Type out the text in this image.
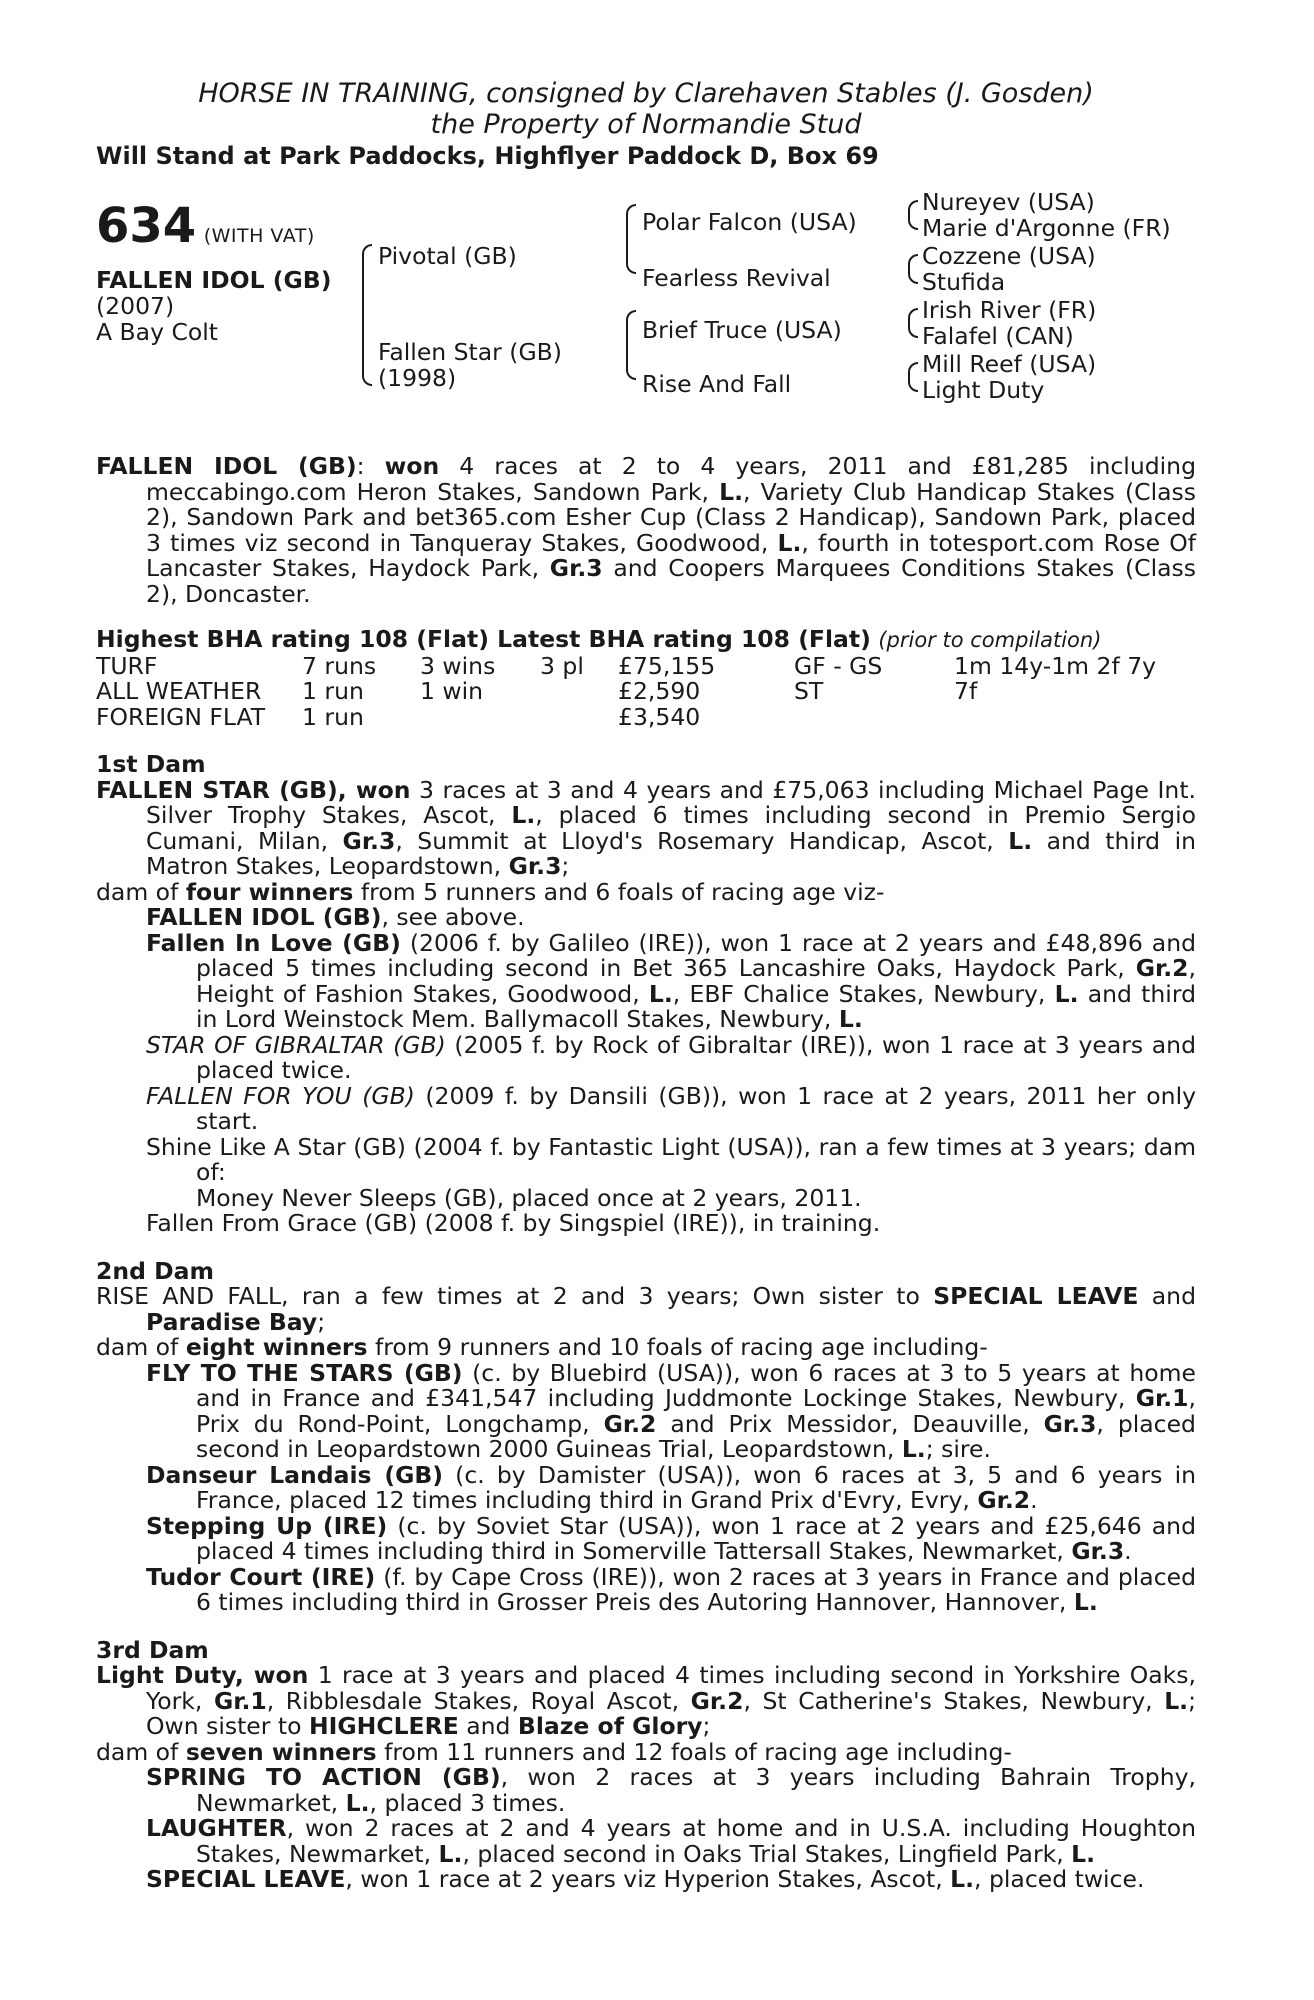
HORSE IN TRAINING, consigned by Clarehaven Stables (J. Gosden)
the Property of Normandie Stud
Will Stand at Park Paddocks, Highflyer Paddock D, Box 69
634 (WITH VAT)
FALLEN IDOL (GB)
(2007)
A Bay Colt
Pivotal (GB)
Fallen Star (GB)
(1998)
Polar Falcon (USA)
Fearless Revival
Brief Truce (USA)
Rise And Fall
Nureyev (USA)
Marie d'Argonne (FR)
Cozzene (USA)
Stufida
Irish River (FR)
Falafel (CAN)
Mill Reef (USA)
Light Duty
FALLEN IDOL (GB): won 4 races at 2 to 4 years, 2011 and £81,285 including meccabingo.com Heron Stakes, Sandown Park, L., Variety Club Handicap Stakes (Class 2), Sandown Park and bet365.com Esher Cup (Class 2 Handicap), Sandown Park, placed 3 times viz second in Tanqueray Stakes, Goodwood, L., fourth in totesport.com Rose Of Lancaster Stakes, Haydock Park, Gr.3 and Coopers Marquees Conditions Stakes (Class 2), Doncaster.
Highest BHA rating 108 (Flat) Latest BHA rating 108 (Flat) (prior to compilation)
TURF	7 runs	3 wins	3 pl	£75,155	GF - GS	1m 14y-1m 2f 7y
ALL WEATHER	1 run	1 win		£2,590	ST	7f
FOREIGN FLAT	1 run			£3,540		
1st Dam
FALLEN STAR (GB), won 3 races at 3 and 4 years and £75,063 including Michael Page Int. Silver Trophy Stakes, Ascot, L., placed 6 times including second in Premio Sergio Cumani, Milan, Gr.3, Summit at Lloyd's Rosemary Handicap, Ascot, L. and third in Matron Stakes, Leopardstown, Gr.3;
dam of four winners from 5 runners and 6 foals of racing age viz-
FALLEN IDOL (GB), see above.
Fallen In Love (GB) (2006 f. by Galileo (IRE)), won 1 race at 2 years and £48,896 and placed 5 times including second in Bet 365 Lancashire Oaks, Haydock Park, Gr.2, Height of Fashion Stakes, Goodwood, L., EBF Chalice Stakes, Newbury, L. and third in Lord Weinstock Mem. Ballymacoll Stakes, Newbury, L.
STAR OF GIBRALTAR (GB) (2005 f. by Rock of Gibraltar (IRE)), won 1 race at 3 years and placed twice.
FALLEN FOR YOU (GB) (2009 f. by Dansili (GB)), won 1 race at 2 years, 2011 her only start.
Shine Like A Star (GB) (2004 f. by Fantastic Light (USA)), ran a few times at 3 years; dam of:
Money Never Sleeps (GB), placed once at 2 years, 2011.
Fallen From Grace (GB) (2008 f. by Singspiel (IRE)), in training.
2nd Dam
RISE AND FALL, ran a few times at 2 and 3 years; Own sister to SPECIAL LEAVE and Paradise Bay;
dam of eight winners from 9 runners and 10 foals of racing age including-
FLY TO THE STARS (GB) (c. by Bluebird (USA)), won 6 races at 3 to 5 years at home and in France and £341,547 including Juddmonte Lockinge Stakes, Newbury, Gr.1, Prix du Rond-Point, Longchamp, Gr.2 and Prix Messidor, Deauville, Gr.3, placed second in Leopardstown 2000 Guineas Trial, Leopardstown, L.; sire.
Danseur Landais (GB) (c. by Damister (USA)), won 6 races at 3, 5 and 6 years in France, placed 12 times including third in Grand Prix d'Evry, Evry, Gr.2.
Stepping Up (IRE) (c. by Soviet Star (USA)), won 1 race at 2 years and £25,646 and placed 4 times including third in Somerville Tattersall Stakes, Newmarket, Gr.3.
Tudor Court (IRE) (f. by Cape Cross (IRE)), won 2 races at 3 years in France and placed 6 times including third in Grosser Preis des Autoring Hannover, Hannover, L.
3rd Dam
Light Duty, won 1 race at 3 years and placed 4 times including second in Yorkshire Oaks, York, Gr.1, Ribblesdale Stakes, Royal Ascot, Gr.2, St Catherine's Stakes, Newbury, L.; Own sister to HIGHCLERE and Blaze of Glory;
dam of seven winners from 11 runners and 12 foals of racing age including-
SPRING TO ACTION (GB), won 2 races at 3 years including Bahrain Trophy, Newmarket, L., placed 3 times.
LAUGHTER, won 2 races at 2 and 4 years at home and in U.S.A. including Houghton Stakes, Newmarket, L., placed second in Oaks Trial Stakes, Lingfield Park, L.
SPECIAL LEAVE, won 1 race at 2 years viz Hyperion Stakes, Ascot, L., placed twice.
